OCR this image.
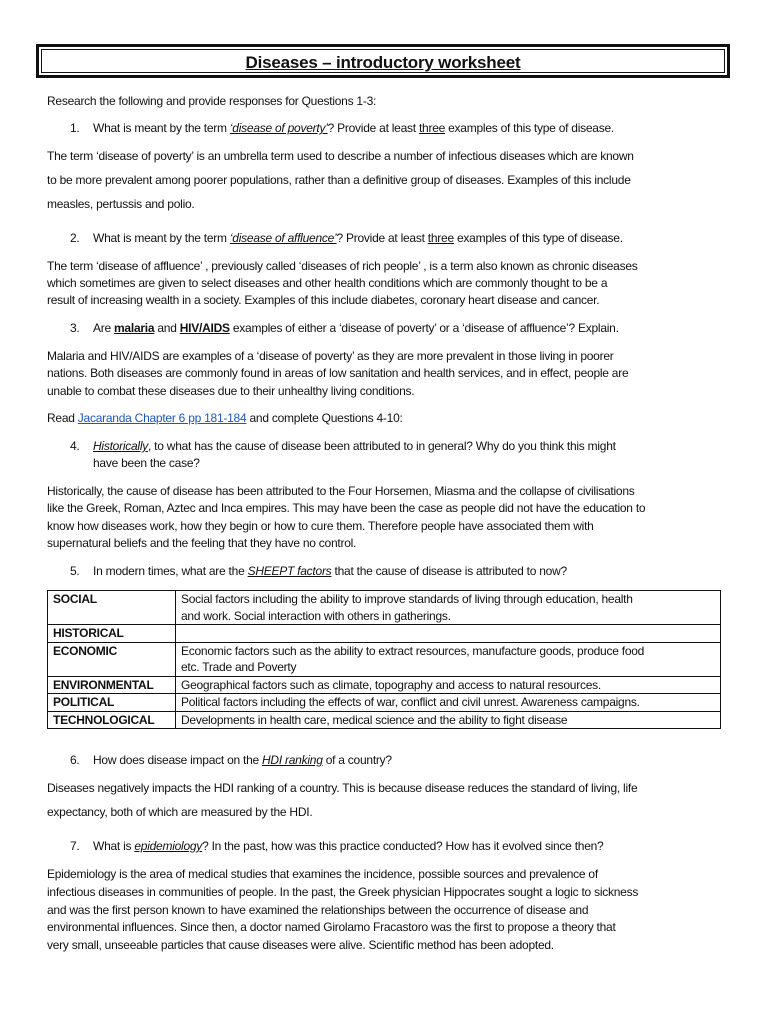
Diseases – introductory worksheet
Research the following and provide responses for Questions 1-3:
1. What is meant by the term ‘disease of poverty’? Provide at least three examples of this type of disease.
The term ‘disease of poverty’ is an umbrella term used to describe a number of infectious diseases which are known
to be more prevalent among poorer populations, rather than a definitive group of diseases. Examples of this include
measles, pertussis and polio.
2. What is meant by the term ‘disease of affluence’? Provide at least three examples of this type of disease.
The term ‘disease of affluence’ , previously called ‘diseases of rich people’ , is a term also known as chronic diseases
which sometimes are given to select diseases and other health conditions which are commonly thought to be a
result of increasing wealth in a society. Examples of this include diabetes, coronary heart disease and cancer.
3. Are malaria and HIV/AIDS examples of either a ‘disease of poverty’ or a ‘disease of affluence’? Explain.
Malaria and HIV/AIDS are examples of a ‘disease of poverty’ as they are more prevalent in those living in poorer
nations. Both diseases are commonly found in areas of low sanitation and health services, and in effect, people are
unable to combat these diseases due to their unhealthy living conditions.
Read Jacaranda Chapter 6 pp 181-184 and complete Questions 4-10:
4. Historically, to what has the cause of disease been attributed to in general? Why do you think this might
have been the case?
Historically, the cause of disease has been attributed to the Four Horsemen, Miasma and the collapse of civilisations
like the Greek, Roman, Aztec and Inca empires. This may have been the case as people did not have the education to
know how diseases work, how they begin or how to cure them. Therefore people have associated them with
supernatural beliefs and the feeling that they have no control.
5. In modern times, what are the SHEEPT factors that the cause of disease is attributed to now?
SOCIAL	Social factors including the ability to improve standards of living through education, health
and work. Social interaction with others in gatherings.

HISTORICAL	
ECONOMIC	Economic factors such as the ability to extract resources, manufacture goods, produce food
etc. Trade and Poverty

ENVIRONMENTAL	Geographical factors such as climate, topography and access to natural resources.

POLITICAL	Political factors including the effects of war, conflict and civil unrest. Awareness campaigns.

TECHNOLOGICAL	Developments in health care, medical science and the ability to fight disease
6. How does disease impact on the HDI ranking of a country?
Diseases negatively impacts the HDI ranking of a country. This is because disease reduces the standard of living, life
expectancy, both of which are measured by the HDI.
7. What is epidemiology? In the past, how was this practice conducted? How has it evolved since then?
Epidemiology is the area of medical studies that examines the incidence, possible sources and prevalence of
infectious diseases in communities of people. In the past, the Greek physician Hippocrates sought a logic to sickness
and was the first person known to have examined the relationships between the occurrence of disease and
environmental influences. Since then, a doctor named Girolamo Fracastoro was the first to propose a theory that
very small, unseeable particles that cause diseases were alive. Scientific method has been adopted.
